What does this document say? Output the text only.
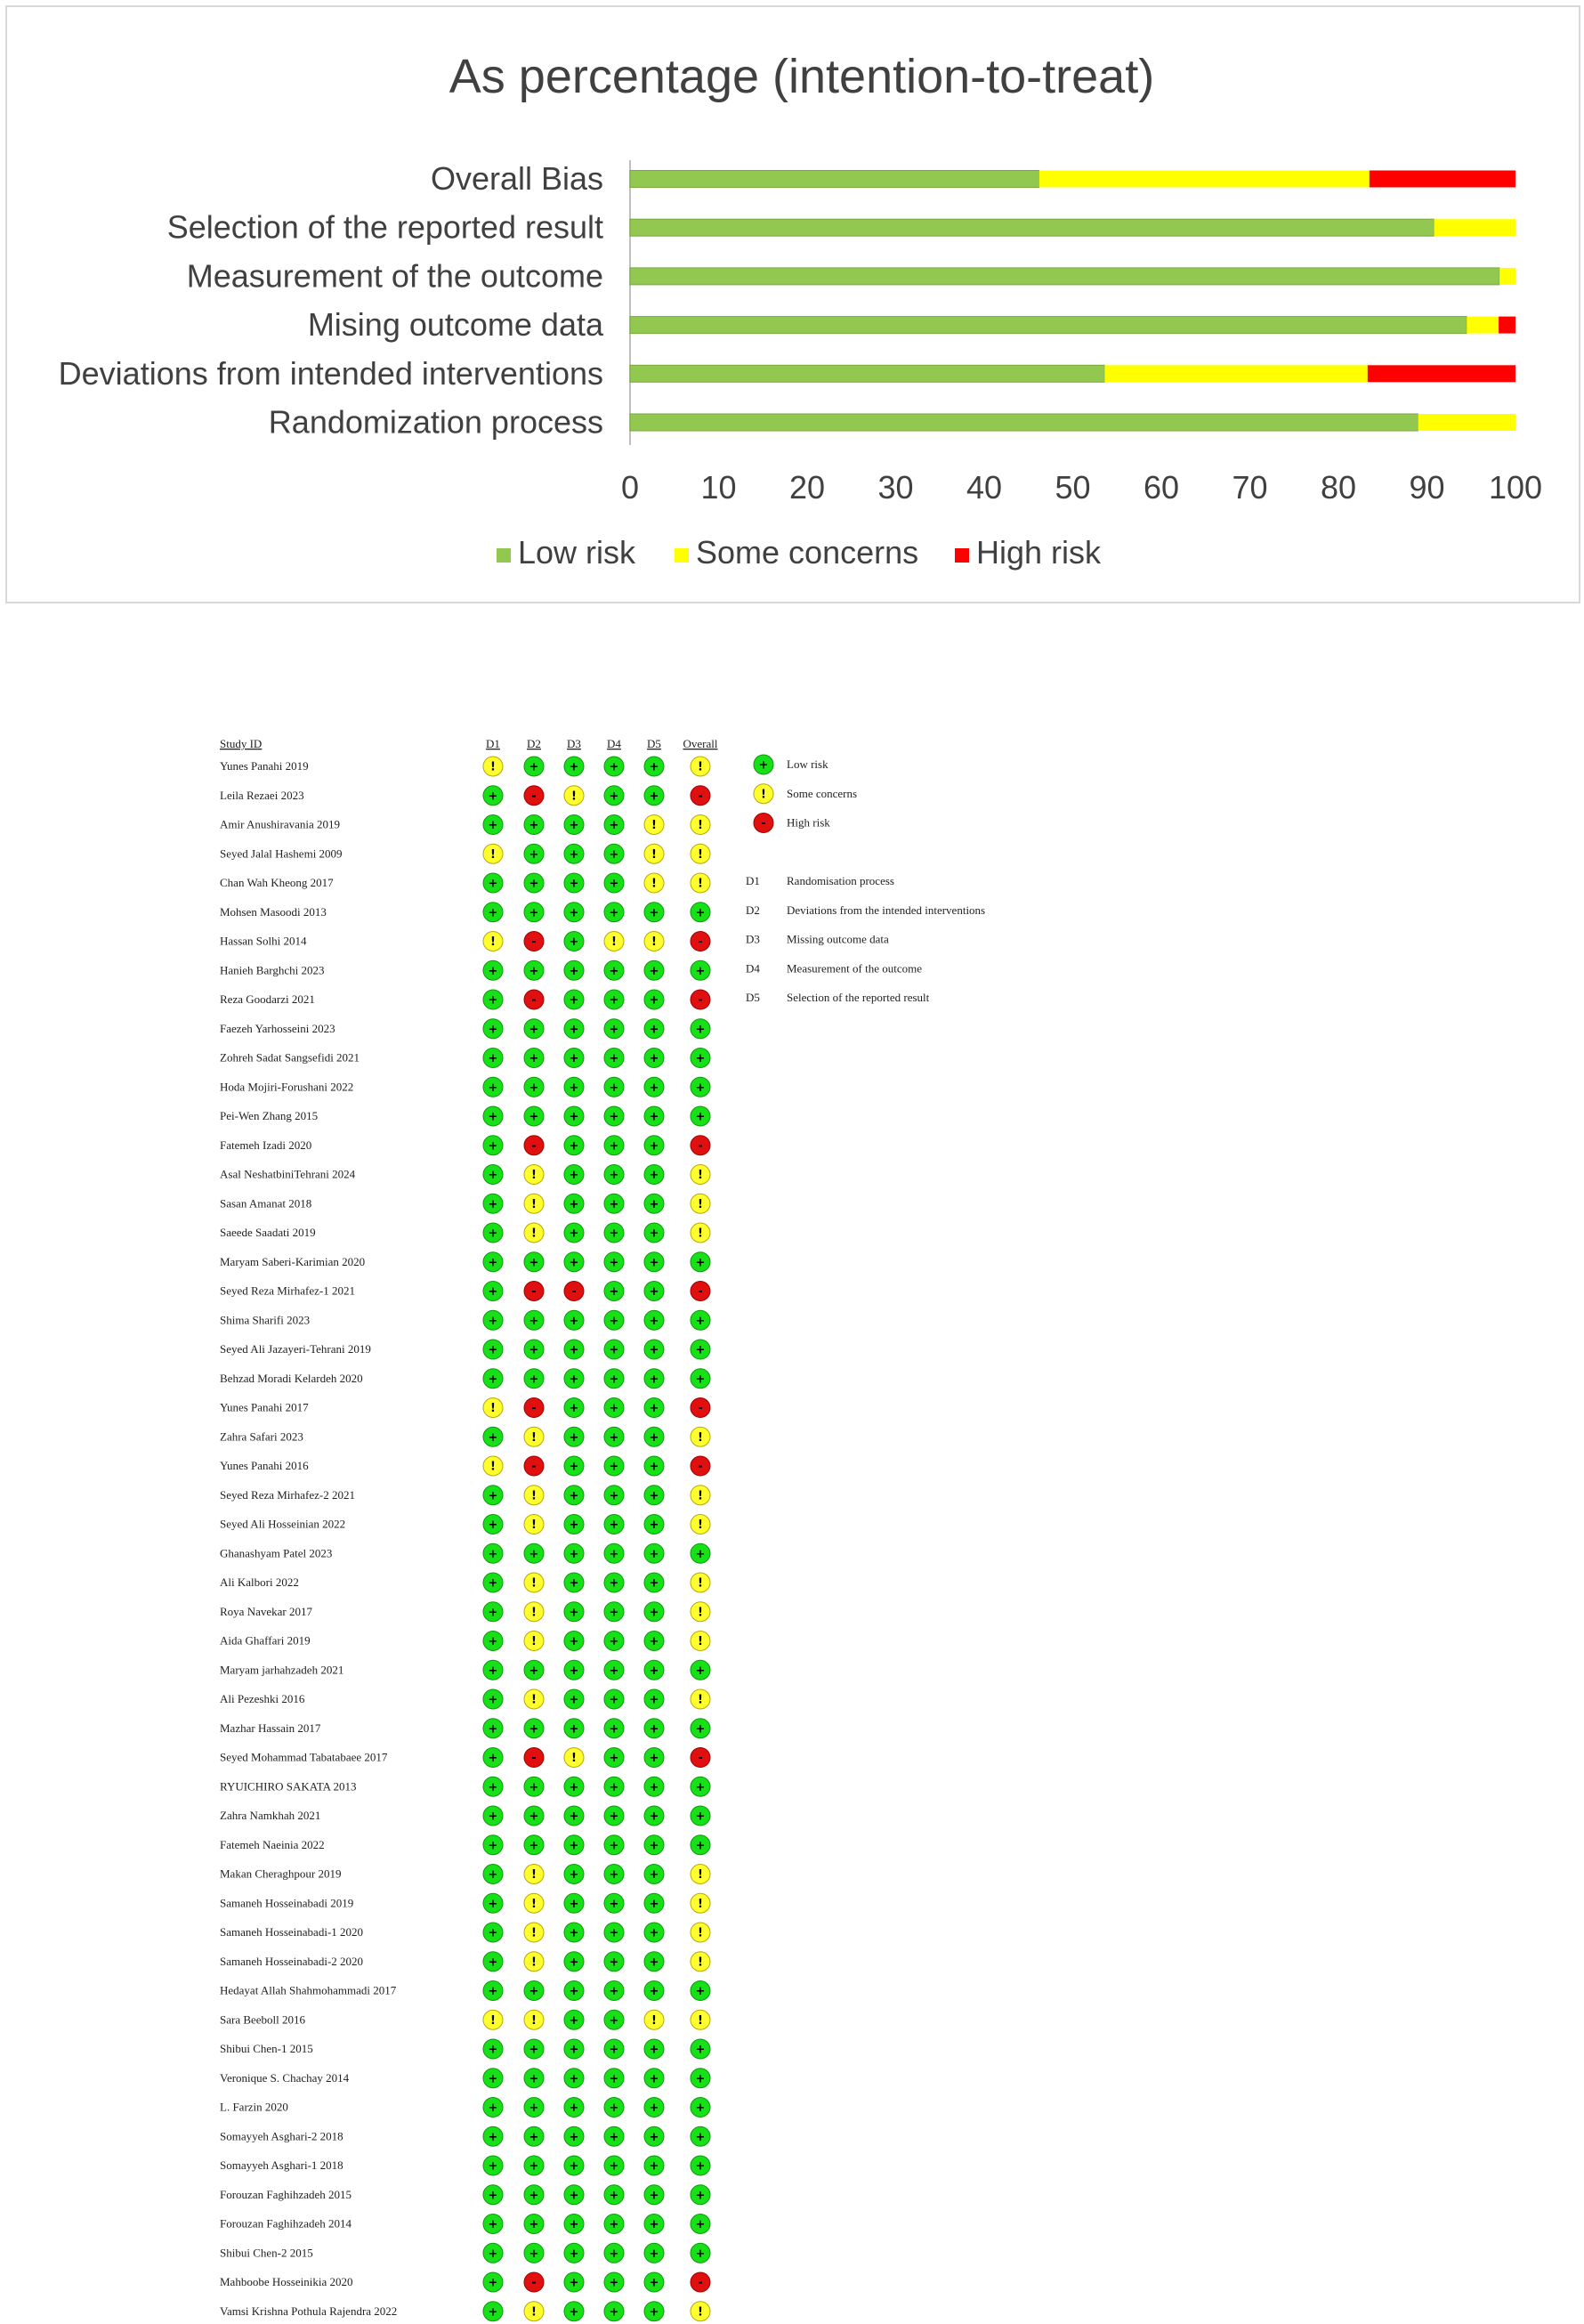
As percentage (intention-to-treat)
Overall Bias
Selection of the reported result
Measurement of the outcome
Mising outcome data
Deviations from intended interventions
Randomization process
0 10 20 30 40 50 60 70 80 90 100
Low risk Some concerns High risk
Study ID	D1 D2 D3 D4 D5 Overall
Yunes Panahi 2019	!	+	+	+	+	!
Leila Rezaei 2023	+	-	!	+	+	-
Amir Anushiravania 2019	+	+	+	+	!	!
Seyed Jalal Hashemi 2009	!	+	+	+	!	!
Chan Wah Kheong 2017	+	+	+	+	!	!
Mohsen Masoodi 2013	+	+	+	+	+	+
Hassan Solhi 2014	!	-	+	!	!	-
Hanieh Barghchi 2023	+	+	+	+	+	+
Reza Goodarzi 2021	+	-	+	+	+	-
Faezeh Yarhosseini 2023	+	+	+	+	+	+
Zohreh Sadat Sangsefidi 2021	+	+	+	+	+	+
Hoda Mojiri-Forushani 2022	+	+	+	+	+	+
Pei-Wen Zhang 2015	+	+	+	+	+	+
Fatemeh Izadi 2020	+	-	+	+	+	-
Asal NeshatbiniTehrani 2024	+	!	+	+	+	!
Sasan Amanat 2018	+	!	+	+	+	!
Saeede Saadati 2019	+	!	+	+	+	!
Maryam Saberi-Karimian 2020	+	+	+	+	+	+
Seyed Reza Mirhafez-1 2021	+	-	-	+	+	-
Shima Sharifi 2023	+	+	+	+	+	+
Seyed Ali Jazayeri-Tehrani 2019	+	+	+	+	+	+
Behzad Moradi Kelardeh 2020	+	+	+	+	+	+
Yunes Panahi 2017	!	-	+	+	+	-
Zahra Safari 2023	+	!	+	+	+	!
Yunes Panahi 2016	!	-	+	+	+	-
Seyed Reza Mirhafez-2 2021	+	!	+	+	+	!
Seyed Ali Hosseinian 2022	+	!	+	+	+	!
Ghanashyam Patel 2023	+	+	+	+	+	+
Ali Kalbori 2022	+	!	+	+	+	!
Roya Navekar 2017	+	!	+	+	+	!
Aida Ghaffari 2019	+	!	+	+	+	!
Maryam jarhahzadeh 2021	+	+	+	+	+	+
Ali Pezeshki 2016	+	!	+	+	+	!
Mazhar Hassain 2017	+	+	+	+	+	+
Seyed Mohammad Tabatabaee 2017	+	-	!	+	+	-
RYUICHIRO SAKATA 2013	+	+	+	+	+	+
Zahra Namkhah 2021	+	+	+	+	+	+
Fatemeh Naeinia 2022	+	+	+	+	+	+
Makan Cheraghpour 2019	+	!	+	+	+	!
Samaneh Hosseinabadi 2019	+	!	+	+	+	!
Samaneh Hosseinabadi-1 2020	+	!	+	+	+	!
Samaneh Hosseinabadi-2 2020	+	!	+	+	+	!
Hedayat Allah Shahmohammadi 2017	+	+	+	+	+	+
Sara Beeboll 2016	!	!	+	+	!	!
Shibui Chen-1 2015	+	+	+	+	+	+
Veronique S. Chachay 2014	+	+	+	+	+	+
L. Farzin 2020	+	+	+	+	+	+
Somayyeh Asghari-2 2018	+	+	+	+	+	+
Somayyeh Asghari-1 2018	+	+	+	+	+	+
Forouzan Faghihzadeh 2015	+	+	+	+	+	+
Forouzan Faghihzadeh 2014	+	+	+	+	+	+
Shibui Chen-2 2015	+	+	+	+	+	+
Mahboobe Hosseinikia 2020	+	-	+	+	+	-
Vamsi Krishna Pothula Rajendra 2022	+	!	+	+	+	!
+ Low risk
! Some concerns
- High risk
D1 Randomisation process
D2 Deviations from the intended interventions
D3 Missing outcome data
D4 Measurement of the outcome
D5 Selection of the reported result
